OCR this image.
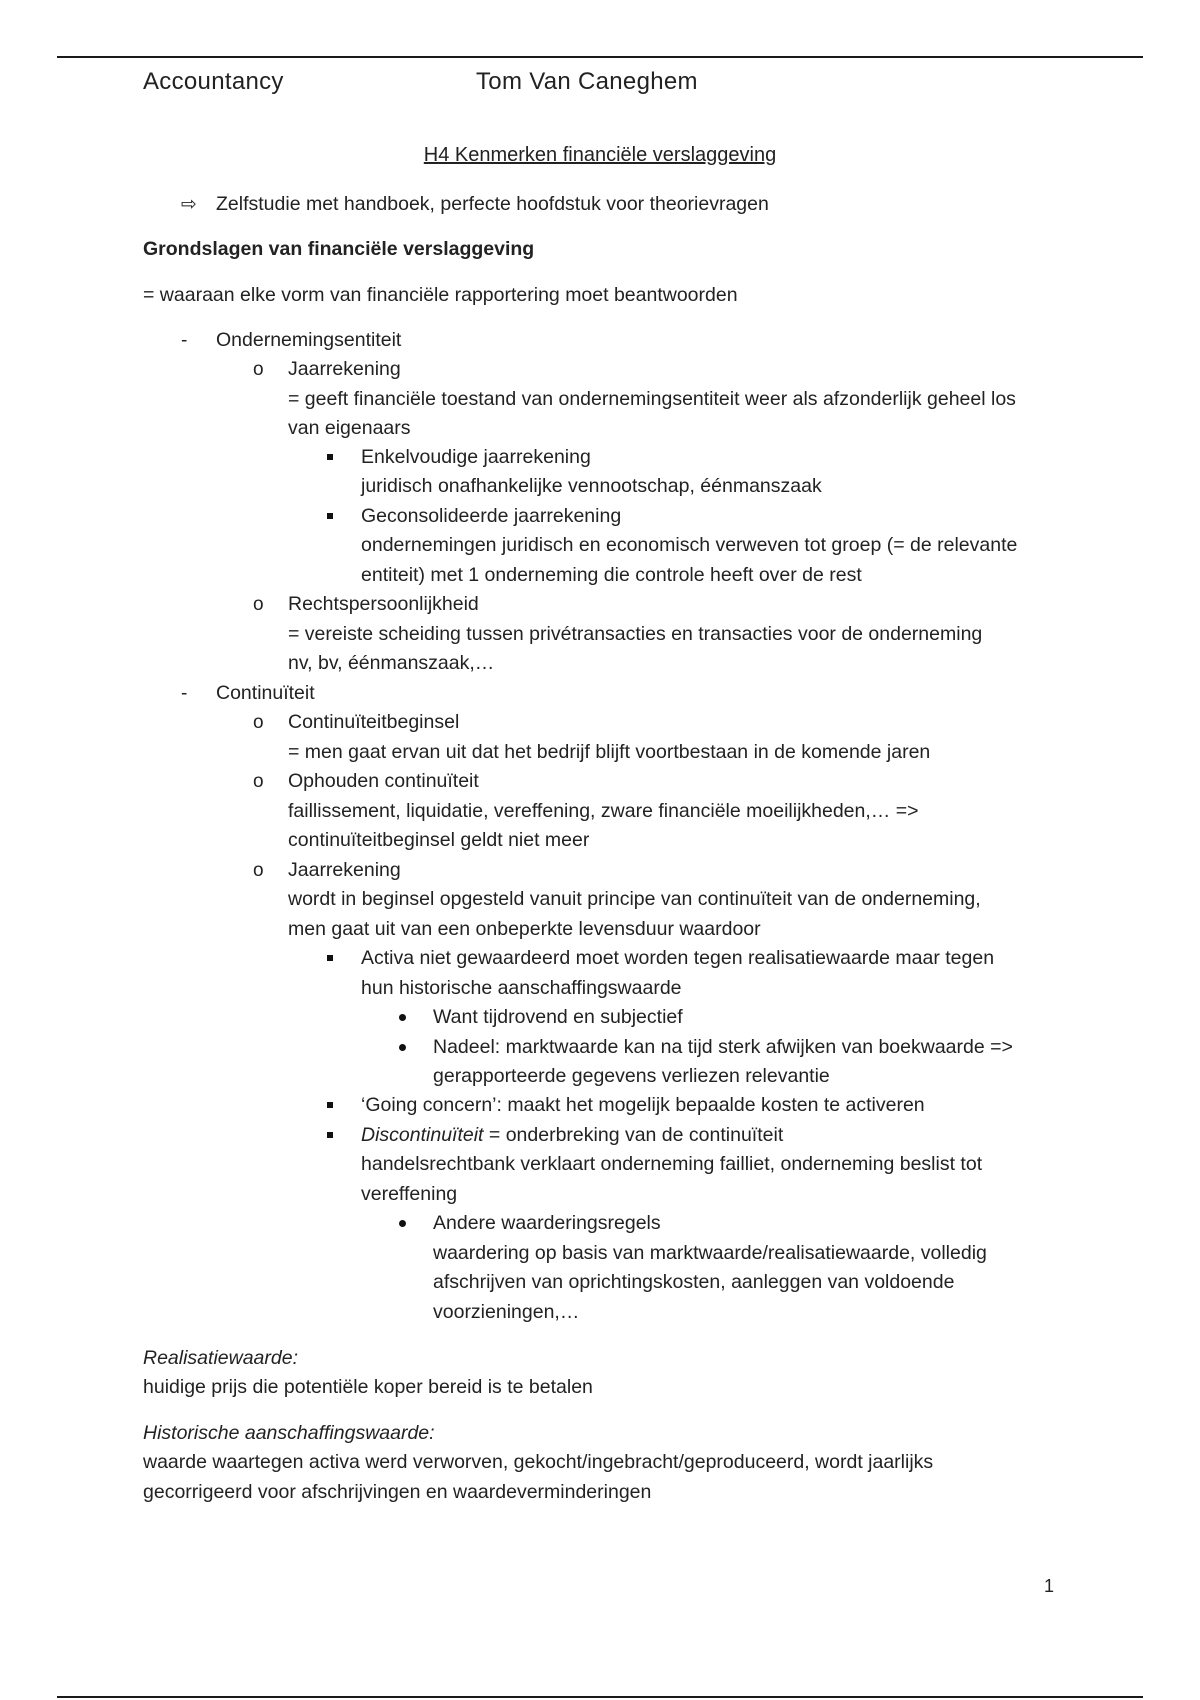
Accountancy	Tom Van Caneghem
H4 Kenmerken financiële verslaggeving
⇨ Zelfstudie met handboek, perfecte hoofdstuk voor theorievragen
Grondslagen van financiële verslaggeving
= waaraan elke vorm van financiële rapportering moet beantwoorden
- Ondernemingsentiteit
o Jaarrekening
= geeft financiële toestand van ondernemingsentiteit weer als afzonderlijk geheel los
van eigenaars
Enkelvoudige jaarrekening
juridisch onafhankelijke vennootschap, éénmanszaak
Geconsolideerde jaarrekening
ondernemingen juridisch en economisch verweven tot groep (= de relevante
entiteit) met 1 onderneming die controle heeft over de rest
o Rechtspersoonlijkheid
= vereiste scheiding tussen privétransacties en transacties voor de onderneming
nv, bv, éénmanszaak,…
- Continuïteit
o Continuïteitbeginsel
= men gaat ervan uit dat het bedrijf blijft voortbestaan in de komende jaren
o Ophouden continuïteit
faillissement, liquidatie, vereffening, zware financiële moeilijkheden,… =>
continuïteitbeginsel geldt niet meer
o Jaarrekening
wordt in beginsel opgesteld vanuit principe van continuïteit van de onderneming,
men gaat uit van een onbeperkte levensduur waardoor
Activa niet gewaardeerd moet worden tegen realisatiewaarde maar tegen
hun historische aanschaffingswaarde
Want tijdrovend en subjectief
Nadeel: marktwaarde kan na tijd sterk afwijken van boekwaarde =>
gerapporteerde gegevens verliezen relevantie
‘Going concern’: maakt het mogelijk bepaalde kosten te activeren
Discontinuïteit = onderbreking van de continuïteit
handelsrechtbank verklaart onderneming failliet, onderneming beslist tot
vereffening
Andere waarderingsregels
waardering op basis van marktwaarde/realisatiewaarde, volledig
afschrijven van oprichtingskosten, aanleggen van voldoende
voorzieningen,…
Realisatiewaarde:
huidige prijs die potentiële koper bereid is te betalen
Historische aanschaffingswaarde:
waarde waartegen activa werd verworven, gekocht/ingebracht/geproduceerd, wordt jaarlijks
gecorrigeerd voor afschrijvingen en waardeverminderingen
1
